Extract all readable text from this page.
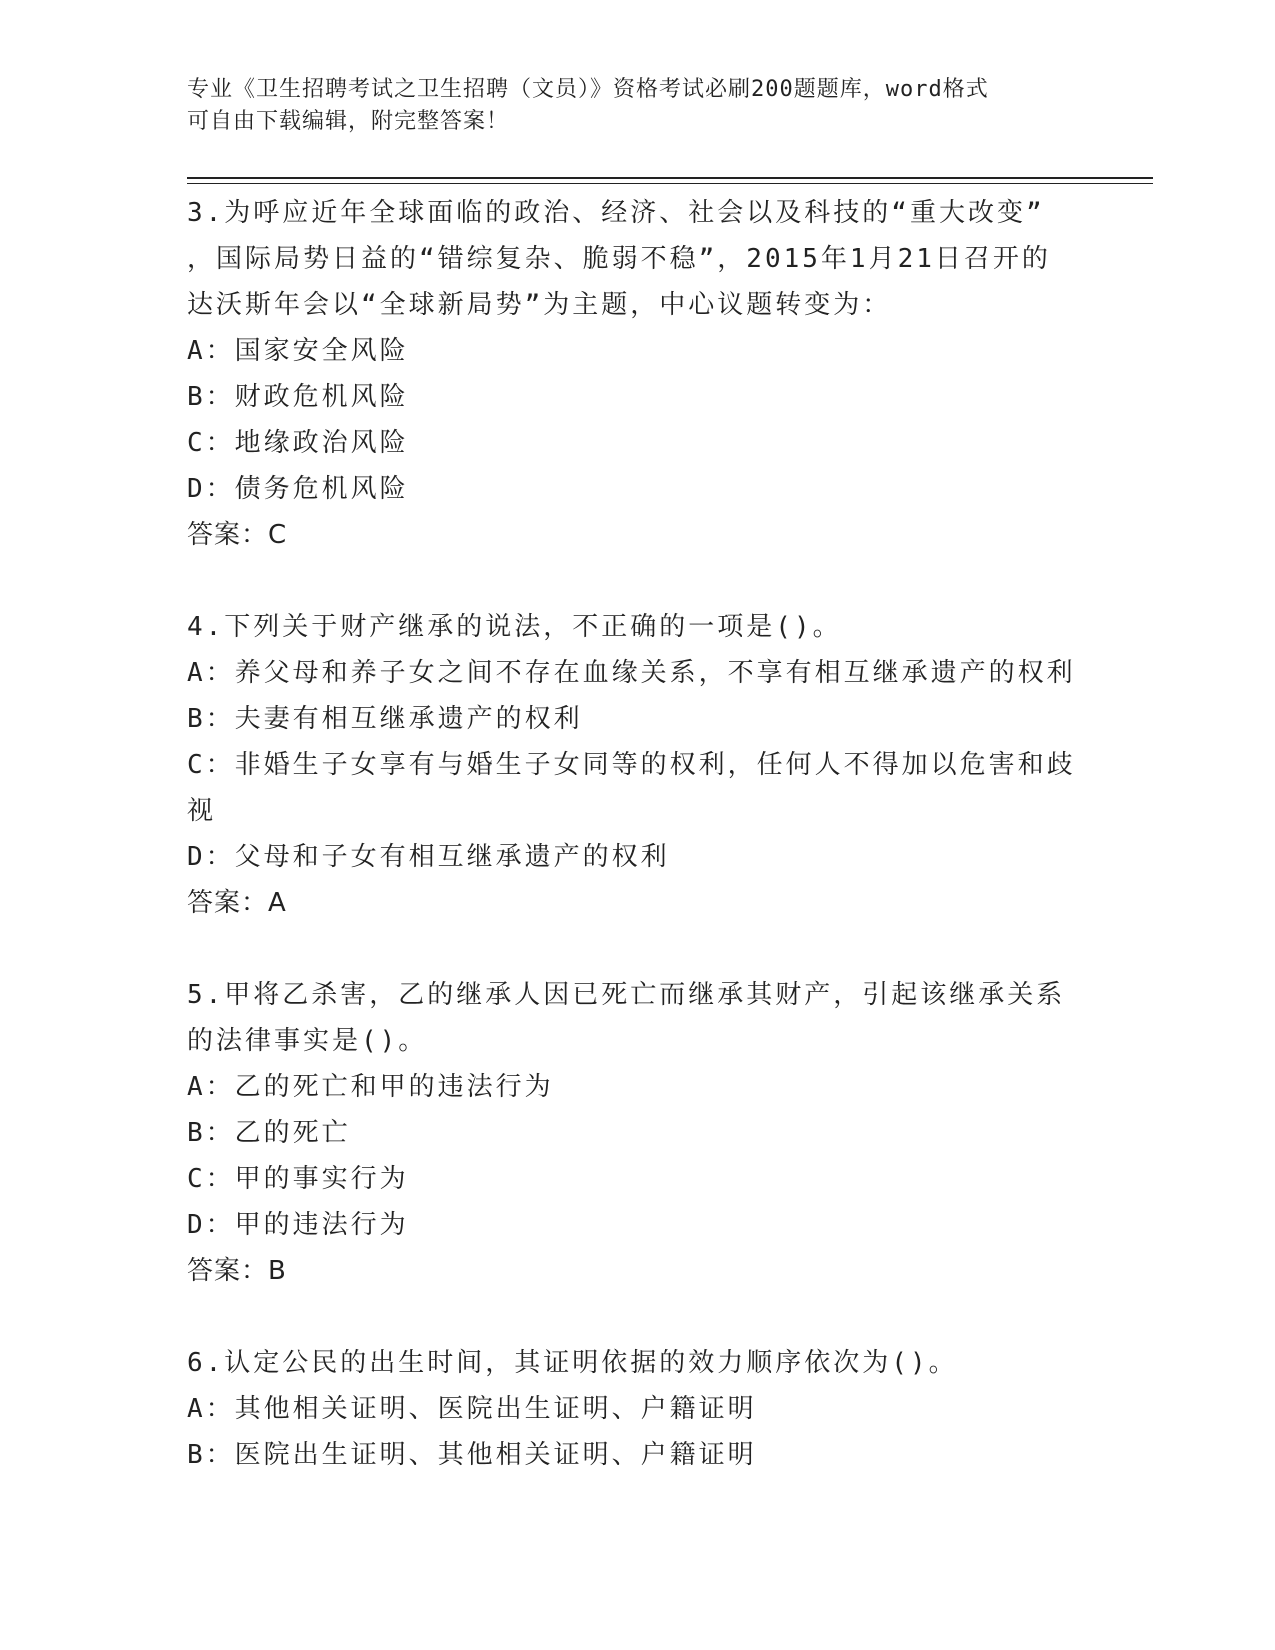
专业《卫生招聘考试之卫生招聘（文员）》资格考试必刷200题题库，word格式
可自由下载编辑，附完整答案！
3.为呼应近年全球面临的政治、经济、社会以及科技的“重大改变”
，国际局势日益的“错综复杂、脆弱不稳”，2015年1月21日召开的
达沃斯年会以“全球新局势”为主题，中心议题转变为：
A：国家安全风险
B：财政危机风险
C：地缘政治风险
D：债务危机风险
答案：C
4.下列关于财产继承的说法，不正确的一项是()。
A：养父母和养子女之间不存在血缘关系，不享有相互继承遗产的权利
B：夫妻有相互继承遗产的权利
C：非婚生子女享有与婚生子女同等的权利，任何人不得加以危害和歧
视
D：父母和子女有相互继承遗产的权利
答案：A
5.甲将乙杀害，乙的继承人因已死亡而继承其财产，引起该继承关系
的法律事实是()。
A：乙的死亡和甲的违法行为
B：乙的死亡
C：甲的事实行为
D：甲的违法行为
答案：B
6.认定公民的出生时间，其证明依据的效力顺序依次为()。
A：其他相关证明、医院出生证明、户籍证明
B：医院出生证明、其他相关证明、户籍证明
